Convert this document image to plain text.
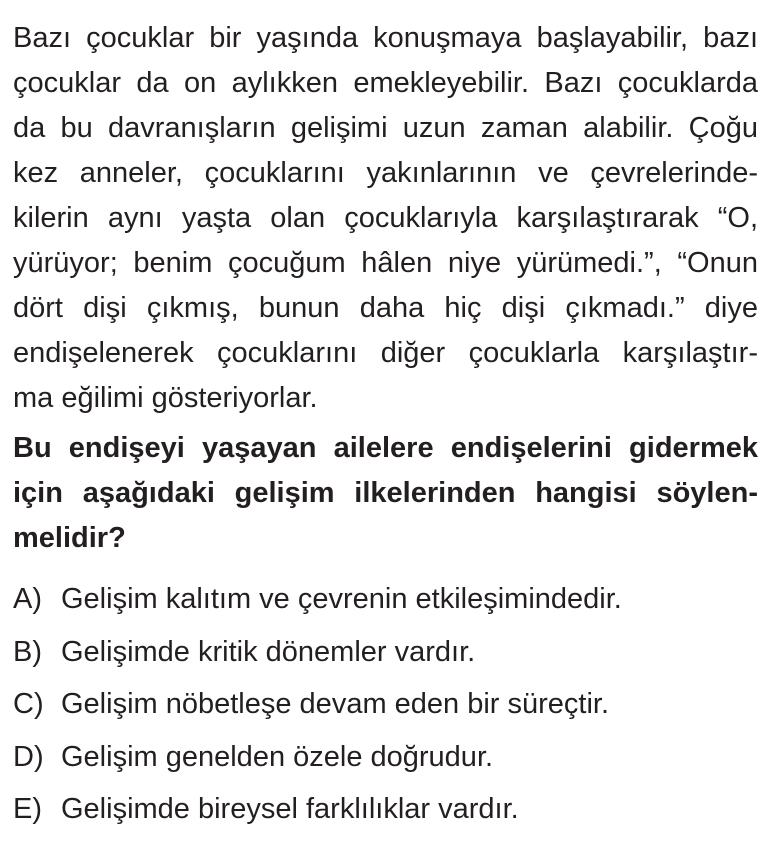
Bazı çocuklar bir yaşında konuşmaya başlayabilir, bazı
çocuklar da on aylıkken emekleyebilir. Bazı çocuklarda
da bu davranışların gelişimi uzun zaman alabilir. Çoğu
kez anneler, çocuklarını yakınlarının ve çevrelerinde-
kilerin aynı yaşta olan çocuklarıyla karşılaştırarak “O,
yürüyor; benim çocuğum hâlen niye yürümedi.”, “Onun
dört dişi çıkmış, bunun daha hiç dişi çıkmadı.” diye
endişelenerek çocuklarını diğer çocuklarla karşılaştır-
ma eğilimi gösteriyorlar.
Bu endişeyi yaşayan ailelere endişelerini gidermek
için aşağıdaki gelişim ilkelerinden hangisi söylen-
melidir?
A) Gelişim kalıtım ve çevrenin etkileşimindedir.
B) Gelişimde kritik dönemler vardır.
C) Gelişim nöbetleşe devam eden bir süreçtir.
D) Gelişim genelden özele doğrudur.
E) Gelişimde bireysel farklılıklar vardır.
